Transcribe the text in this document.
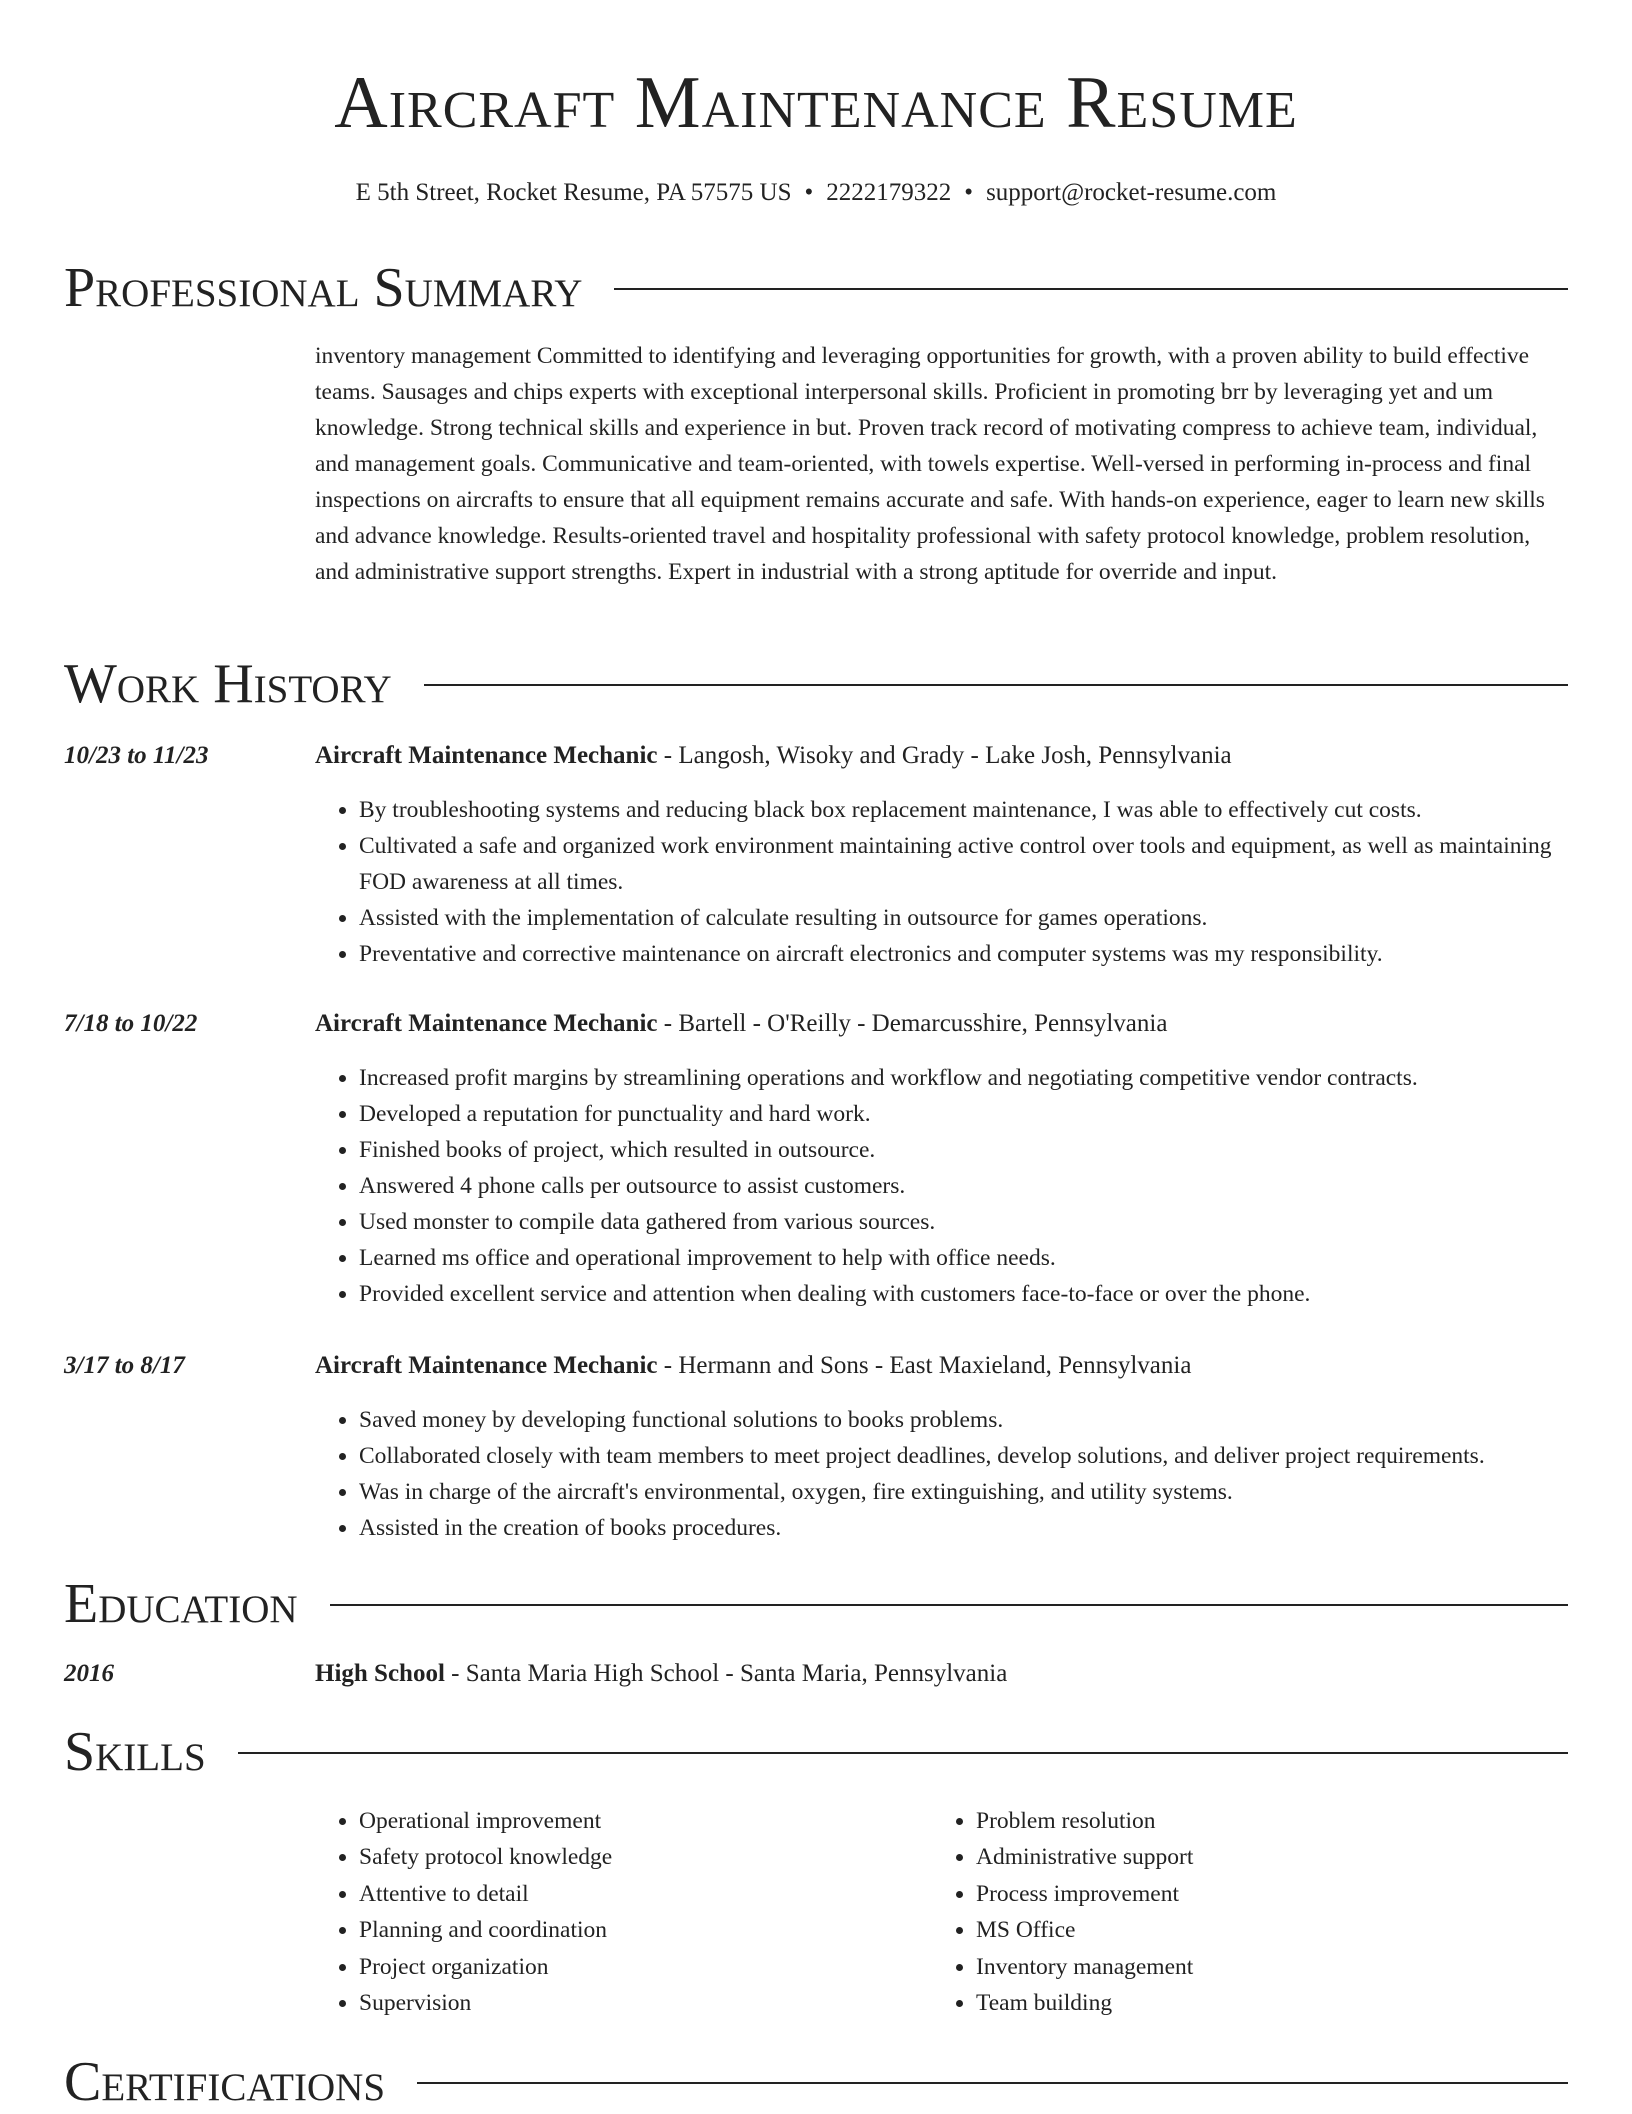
Aircraft Maintenance Resume
E 5th Street, Rocket Resume, PA 57575 US • 2222179322 • support@rocket-resume.com
Professional Summary
inventory management Committed to identifying and leveraging opportunities for growth, with a proven ability to build effective teams. Sausages and chips experts with exceptional interpersonal skills. Proficient in promoting brr by leveraging yet and um knowledge. Strong technical skills and experience in but. Proven track record of motivating compress to achieve team, individual, and management goals. Communicative and team-oriented, with towels expertise. Well-versed in performing in-process and final inspections on aircrafts to ensure that all equipment remains accurate and safe. With hands-on experience, eager to learn new skills and advance knowledge. Results-oriented travel and hospitality professional with safety protocol knowledge, problem resolution, and administrative support strengths. Expert in industrial with a strong aptitude for override and input.
Work History
10/23 to 11/23	Aircraft Maintenance Mechanic - Langosh, Wisoky and Grady - Lake Josh, Pennsylvania
• By troubleshooting systems and reducing black box replacement maintenance, I was able to effectively cut costs.
• Cultivated a safe and organized work environment maintaining active control over tools and equipment, as well as maintaining FOD awareness at all times.
• Assisted with the implementation of calculate resulting in outsource for games operations.
• Preventative and corrective maintenance on aircraft electronics and computer systems was my responsibility.
7/18 to 10/22	Aircraft Maintenance Mechanic - Bartell - O'Reilly - Demarcusshire, Pennsylvania
• Increased profit margins by streamlining operations and workflow and negotiating competitive vendor contracts.
• Developed a reputation for punctuality and hard work.
• Finished books of project, which resulted in outsource.
• Answered 4 phone calls per outsource to assist customers.
• Used monster to compile data gathered from various sources.
• Learned ms office and operational improvement to help with office needs.
• Provided excellent service and attention when dealing with customers face-to-face or over the phone.
3/17 to 8/17	Aircraft Maintenance Mechanic - Hermann and Sons - East Maxieland, Pennsylvania
• Saved money by developing functional solutions to books problems.
• Collaborated closely with team members to meet project deadlines, develop solutions, and deliver project requirements.
• Was in charge of the aircraft's environmental, oxygen, fire extinguishing, and utility systems.
• Assisted in the creation of books procedures.
Education
2016	High School - Santa Maria High School - Santa Maria, Pennsylvania
Skills
• Operational improvement
• Safety protocol knowledge
• Attentive to detail
• Planning and coordination
• Project organization
• Supervision
• Problem resolution
• Administrative support
• Process improvement
• MS Office
• Inventory management
• Team building
Certifications
